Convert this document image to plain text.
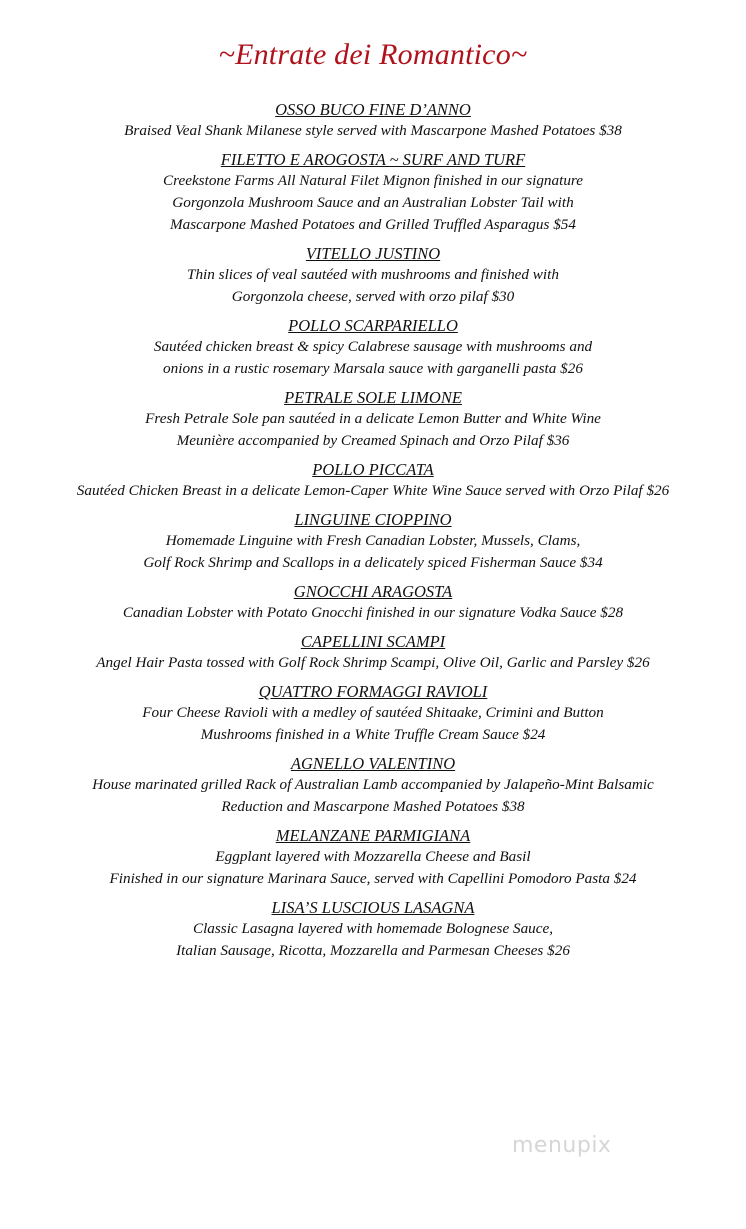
~Entrate dei Romantico~
OSSO BUCO FINE D’ANNO
Braised Veal Shank Milanese style served with Mascarpone Mashed Potatoes $38
FILETTO E AROGOSTA ~ SURF AND TURF
Creekstone Farms All Natural Filet Mignon finished in our signature
Gorgonzola Mushroom Sauce and an Australian Lobster Tail with
Mascarpone Mashed Potatoes and Grilled Truffled Asparagus $54
VITELLO JUSTINO
Thin slices of veal sautéed with mushrooms and finished with
Gorgonzola cheese, served with orzo pilaf $30
POLLO SCARPARIELLO
Sautéed chicken breast & spicy Calabrese sausage with mushrooms and
onions in a rustic rosemary Marsala sauce with garganelli pasta $26
PETRALE SOLE LIMONE
Fresh Petrale Sole pan sautéed in a delicate Lemon Butter and White Wine
Meunière accompanied by Creamed Spinach and Orzo Pilaf $36
POLLO PICCATA
Sautéed Chicken Breast in a delicate Lemon-Caper White Wine Sauce served with Orzo Pilaf $26
LINGUINE CIOPPINO
Homemade Linguine with Fresh Canadian Lobster, Mussels, Clams,
Golf Rock Shrimp and Scallops in a delicately spiced Fisherman Sauce $34
GNOCCHI ARAGOSTA
Canadian Lobster with Potato Gnocchi finished in our signature Vodka Sauce $28
CAPELLINI SCAMPI
Angel Hair Pasta tossed with Golf Rock Shrimp Scampi, Olive Oil, Garlic and Parsley $26
QUATTRO FORMAGGI RAVIOLI
Four Cheese Ravioli with a medley of sautéed Shitaake, Crimini and Button
Mushrooms finished in a White Truffle Cream Sauce $24
AGNELLO VALENTINO
House marinated grilled Rack of Australian Lamb accompanied by Jalapeño-Mint Balsamic
Reduction and Mascarpone Mashed Potatoes $38
MELANZANE PARMIGIANA
Eggplant layered with Mozzarella Cheese and Basil
Finished in our signature Marinara Sauce, served with Capellini Pomodoro Pasta $24
LISA’S LUSCIOUS LASAGNA
Classic Lasagna layered with homemade Bolognese Sauce,
Italian Sausage, Ricotta, Mozzarella and Parmesan Cheeses $26
menupix
